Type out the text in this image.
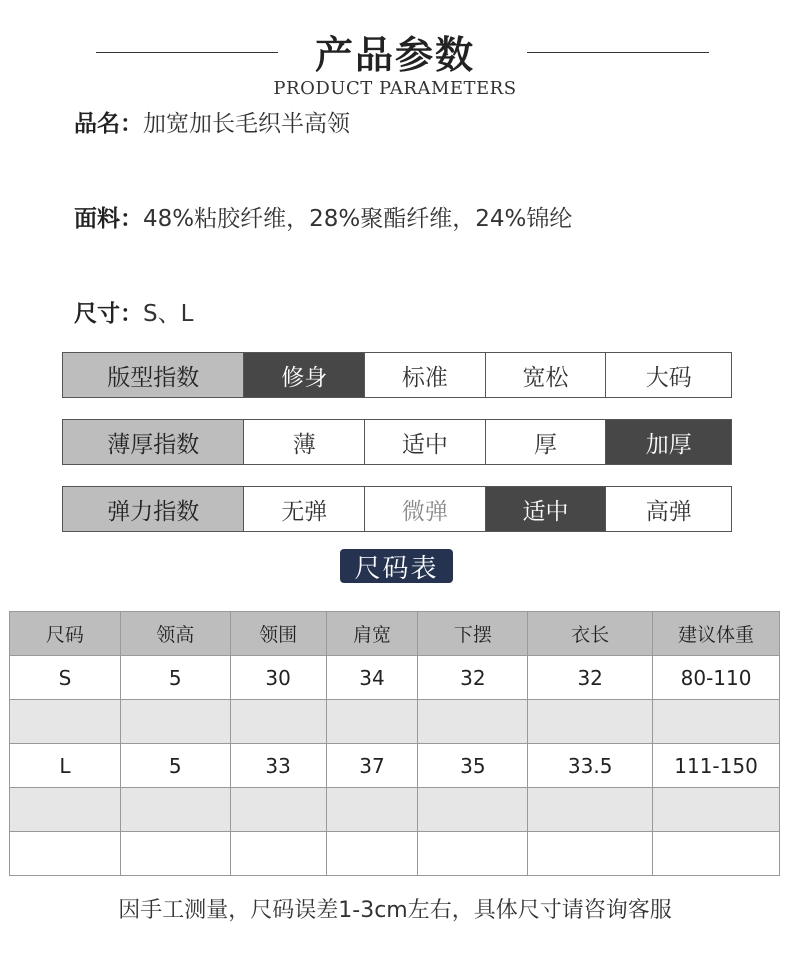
产品参数
PRODUCT PARAMETERS
品名：加宽加长毛织半高领
面料：48%粘胶纤维，28%聚酯纤维，24%锦纶
尺寸：S、L
版型指数	修身	标准	宽松	大码
薄厚指数	薄	适中	厚	加厚
弹力指数	无弹	微弹	适中	高弹
尺码表
尺码	领高	领围	肩宽	下摆	衣长	建议体重
S	5	30	34	32	32	80-110

L	5	33	37	35	33.5	111-150

因手工测量，尺码误差1-3cm左右，具体尺寸请咨询客服
